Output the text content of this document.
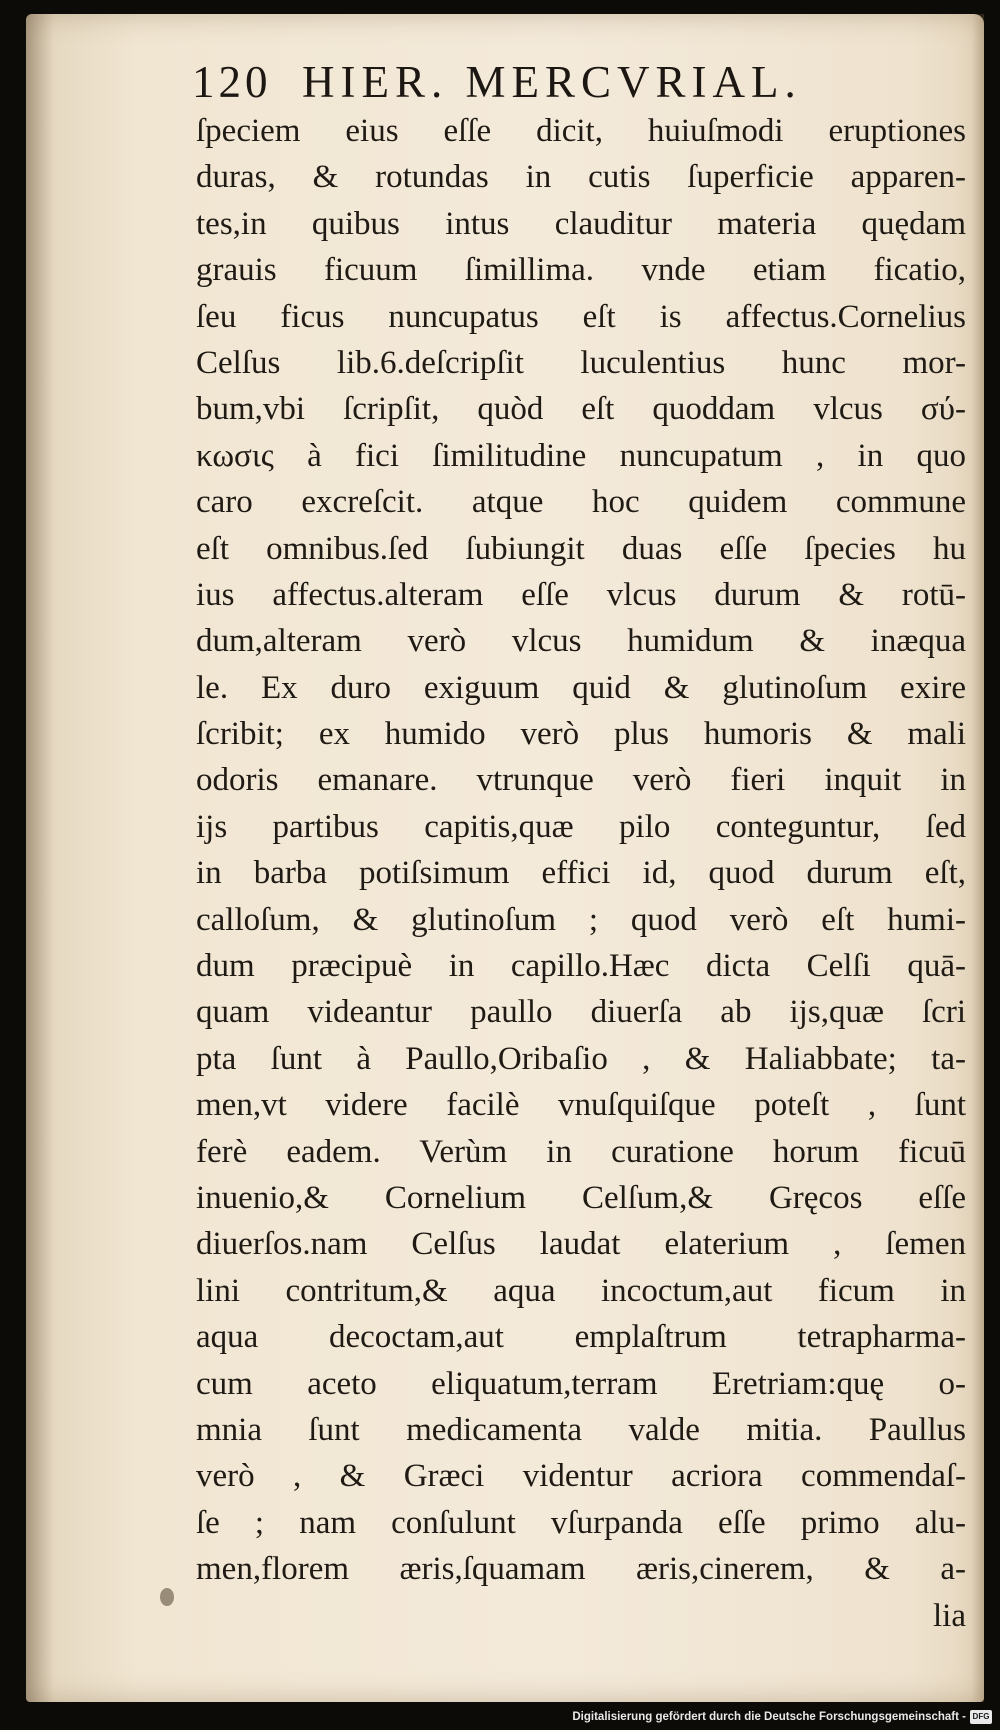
120 HIER. MERCVRIAL.
ſpeciem eius eſſe dicit, huiuſmodi eruptiones
duras, & rotundas in cutis ſuperficie apparen-
tes,in quibus intus clauditur materia quędam
grauis ficuum ſimillima. vnde etiam ficatio,
ſeu ficus nuncupatus eſt is affectus.Cornelius
Celſus lib.6.deſcripſit luculentius hunc mor-
bum,vbi ſcripſit, quòd eſt quoddam vlcus σύ-
κωσις à fici ſimilitudine nuncupatum , in quo
caro excreſcit. atque hoc quidem commune
eſt omnibus.ſed ſubiungit duas eſſe ſpecies hu
ius affectus.alteram eſſe vlcus durum & rotū-
dum,alteram verò vlcus humidum & inæqua
le. Ex duro exiguum quid & glutinoſum exire
ſcribit; ex humido verò plus humoris & mali
odoris emanare. vtrunque verò fieri inquit in
ijs partibus capitis,quæ pilo conteguntur, ſed
in barba potiſsimum effici id, quod durum eſt,
calloſum, & glutinoſum ; quod verò eſt humi-
dum præcipuè in capillo.Hæc dicta Celſi quā-
quam videantur paullo diuerſa ab ijs,quæ ſcri
pta ſunt à Paullo,Oribaſio , & Haliabbate; ta-
men,vt videre facilè vnuſquiſque poteſt , ſunt
ferè eadem. Verùm in curatione horum ficuū
inuenio,& Cornelium Celſum,& Gręcos eſſe
diuerſos.nam Celſus laudat elaterium , ſemen
lini contritum,& aqua incoctum,aut ficum in
aqua decoctam,aut emplaſtrum tetrapharma-
cum aceto eliquatum,terram Eretriam:quę o-
mnia ſunt medicamenta valde mitia. Paullus
verò , & Græci videntur acriora commendaſ-
ſe ; nam conſulunt vſurpanda eſſe primo alu-
men,florem æris,ſquamam æris,cinerem, & a-
lia
Digitalisierung gefördert durch die Deutsche Forschungsgemeinschaft - DFG
